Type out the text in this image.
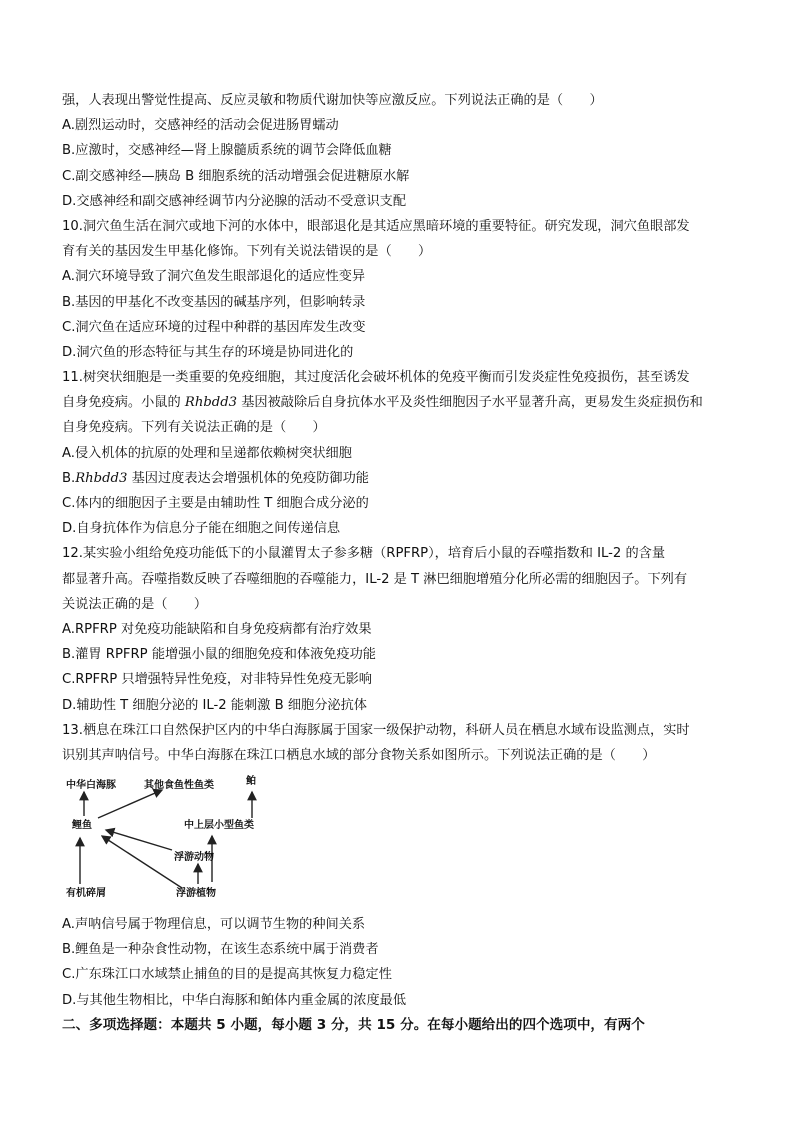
强，人表现出警觉性提高、反应灵敏和物质代谢加快等应激反应。下列说法正确的是（　　）
A.剧烈运动时，交感神经的活动会促进肠胃蠕动
B.应激时，交感神经—肾上腺髓质系统的调节会降低血糖
C.副交感神经—胰岛 B 细胞系统的活动增强会促进糖原水解
D.交感神经和副交感神经调节内分泌腺的活动不受意识支配
10.洞穴鱼生活在洞穴或地下河的水体中，眼部退化是其适应黑暗环境的重要特征。研究发现，洞穴鱼眼部发
育有关的基因发生甲基化修饰。下列有关说法错误的是（　　）
A.洞穴环境导致了洞穴鱼发生眼部退化的适应性变异
B.基因的甲基化不改变基因的碱基序列，但影响转录
C.洞穴鱼在适应环境的过程中种群的基因库发生改变
D.洞穴鱼的形态特征与其生存的环境是协同进化的
11.树突状细胞是一类重要的免疫细胞，其过度活化会破坏机体的免疫平衡而引发炎症性免疫损伤，甚至诱发
自身免疫病。小鼠的 Rhbdd3 基因被敲除后自身抗体水平及炎性细胞因子水平显著升高，更易发生炎症损伤和
自身免疫病。下列有关说法正确的是（　　）
A.侵入机体的抗原的处理和呈递都依赖树突状细胞
B.Rhbdd3 基因过度表达会增强机体的免疫防御功能
C.体内的细胞因子主要是由辅助性 T 细胞合成分泌的
D.自身抗体作为信息分子能在细胞之间传递信息
12.某实验小组给免疫功能低下的小鼠灌胃太子参多糖（RPFRP），培育后小鼠的吞噬指数和 IL-2 的含量
都显著升高。吞噬指数反映了吞噬细胞的吞噬能力，IL-2 是 T 淋巴细胞增殖分化所必需的细胞因子。下列有
关说法正确的是（　　）
A.RPFRP 对免疫功能缺陷和自身免疫病都有治疗效果
B.灌胃 RPFRP 能增强小鼠的细胞免疫和体液免疫功能
C.RPFRP 只增强特异性免疫，对非特异性免疫无影响
D.辅助性 T 细胞分泌的 IL-2 能刺激 B 细胞分泌抗体
13.栖息在珠江口自然保护区内的中华白海豚属于国家一级保护动物，科研人员在栖息水域布设监测点，实时
识别其声呐信号。中华白海豚在珠江口栖息水域的部分食物关系如图所示。下列说法正确的是（　　）
中华白海豚	其他食鱼性鱼类	鲌
鲤鱼	中上层小型鱼类
浮游动物
有机碎屑	浮游植物
A.声呐信号属于物理信息，可以调节生物的种间关系
B.鲤鱼是一种杂食性动物，在该生态系统中属于消费者
C.广东珠江口水域禁止捕鱼的目的是提高其恢复力稳定性
D.与其他生物相比，中华白海豚和鲌体内重金属的浓度最低
二、多项选择题：本题共 5 小题，每小题 3 分，共 15 分。在每小题给出的四个选项中，有两个
